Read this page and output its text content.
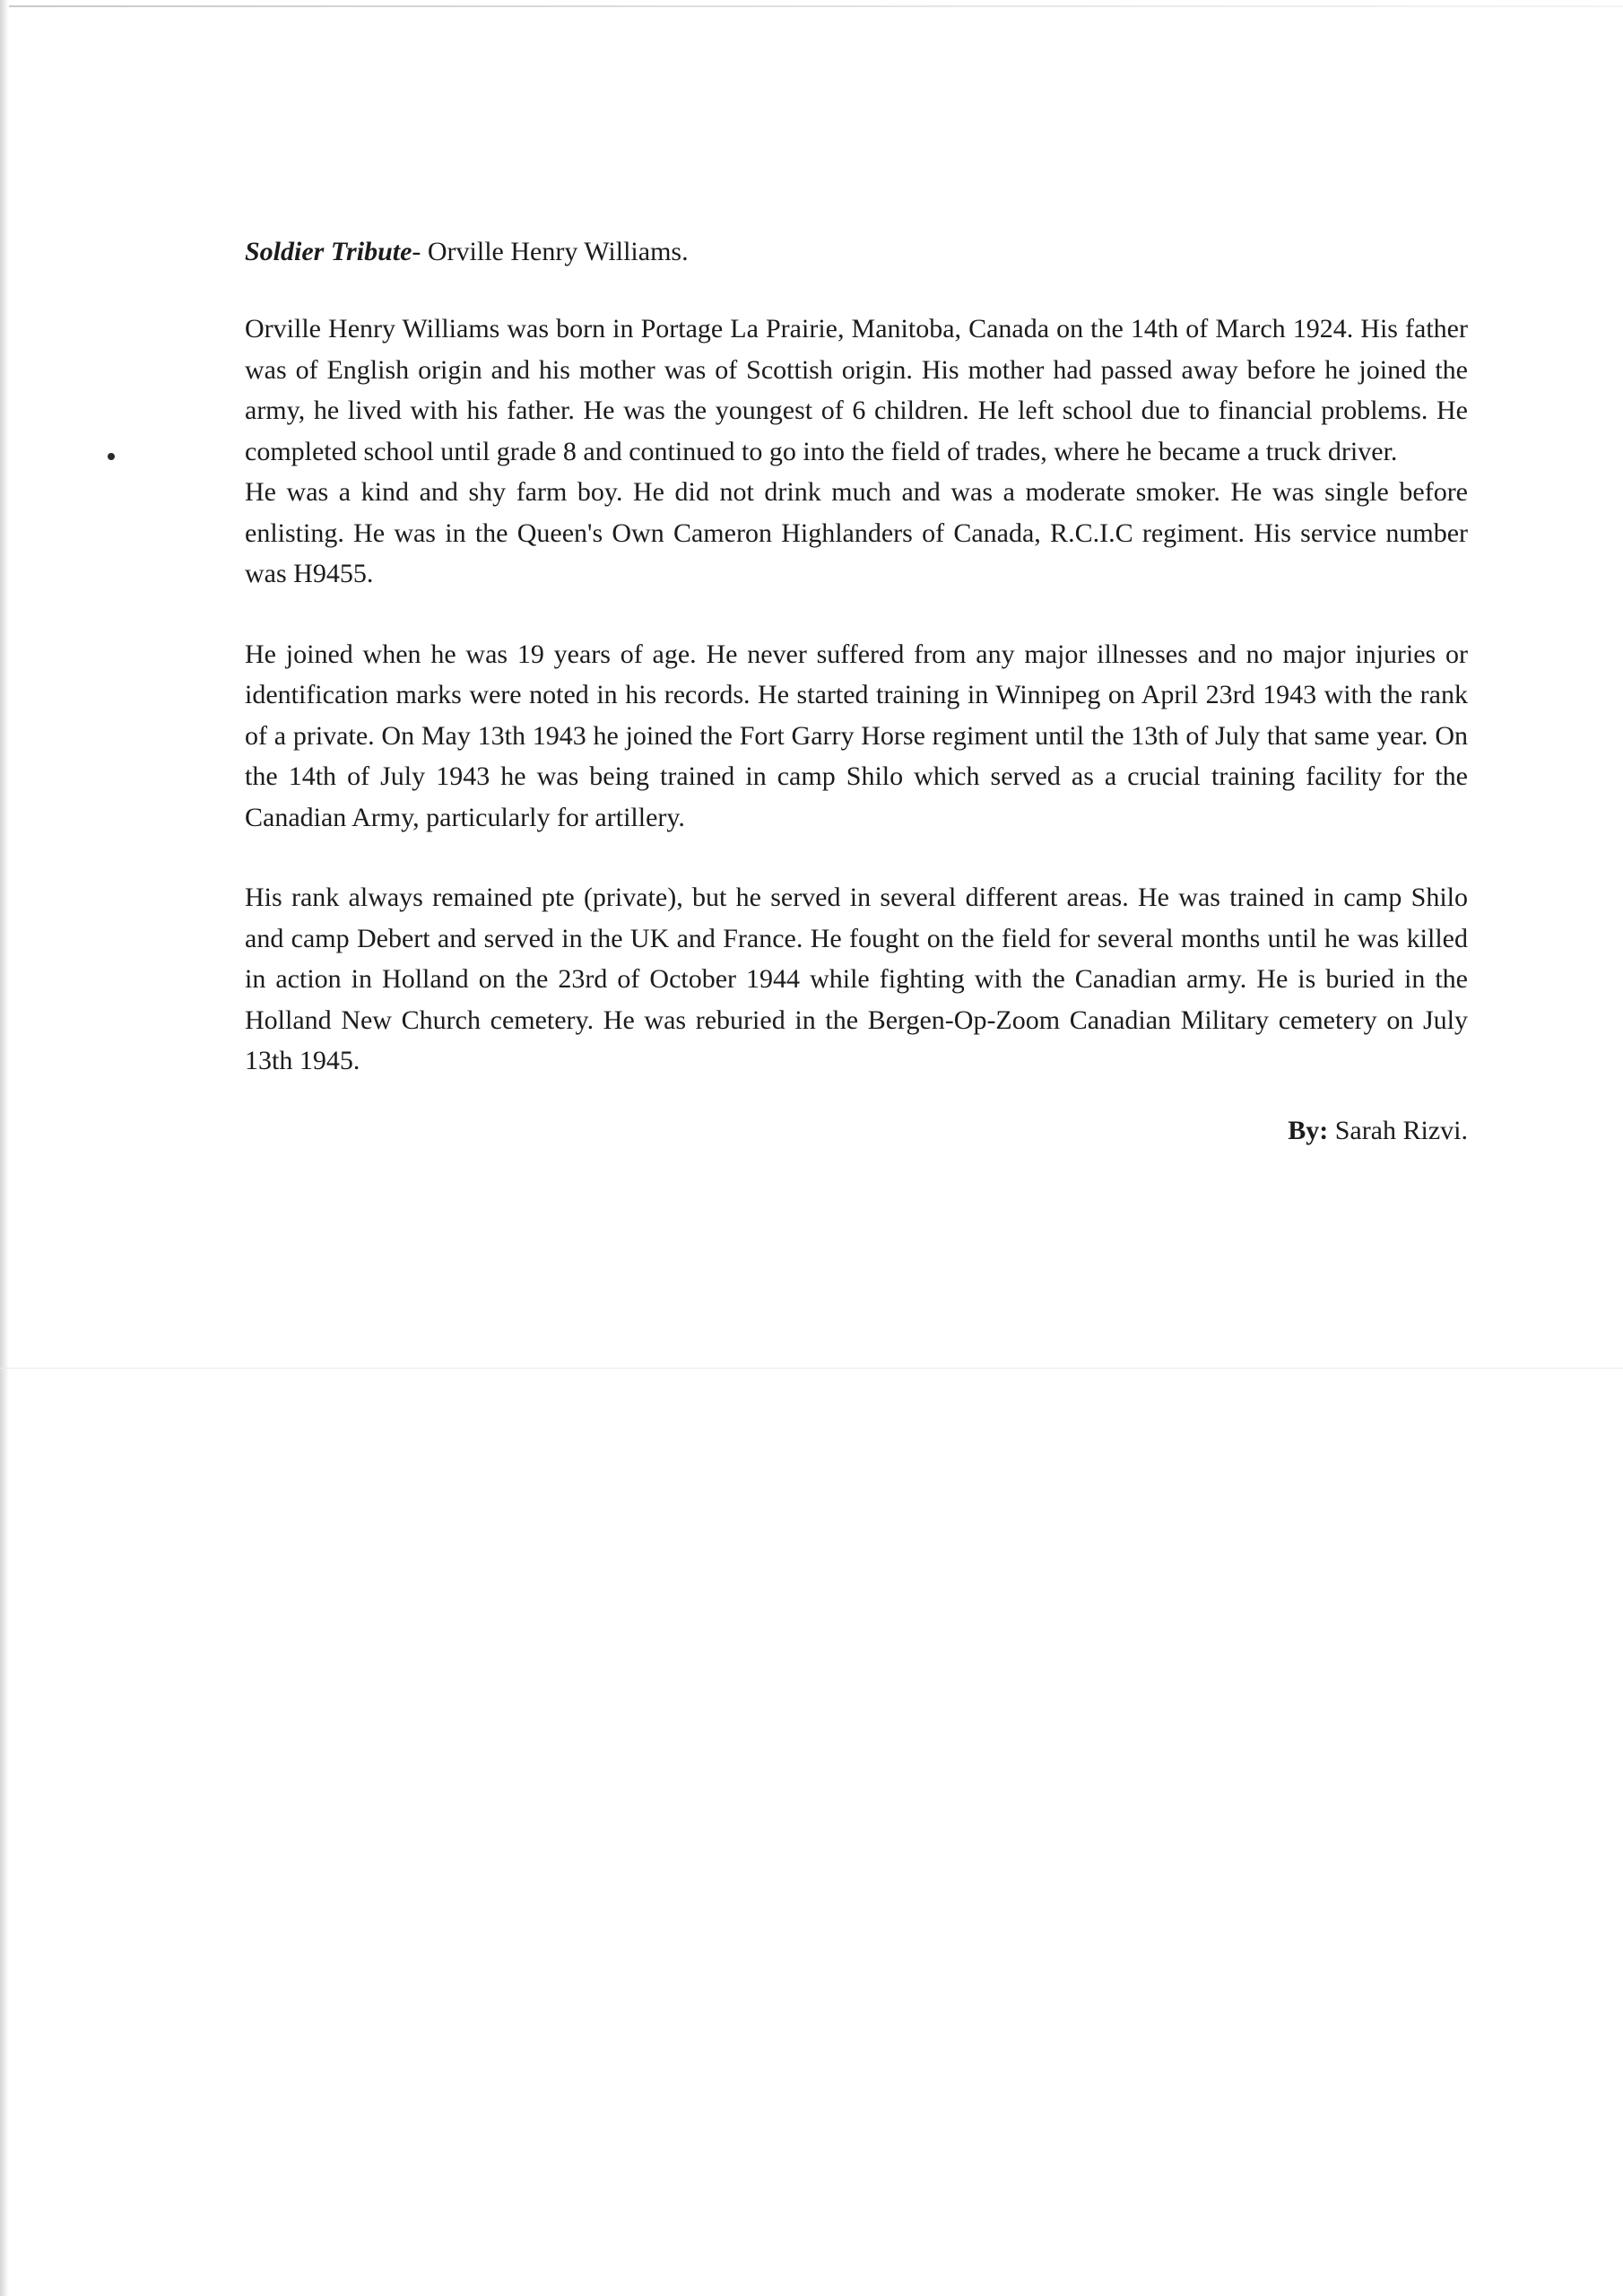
Soldier Tribute- Orville Henry Williams.

Orville Henry Williams was born in Portage La Prairie, Manitoba, Canada on the 14th of March 1924. His father was of English origin and his mother was of Scottish origin. His mother had passed away before he joined the army, he lived with his father. He was the youngest of 6 children. He left school due to financial problems. He completed school until grade 8 and continued to go into the field of trades, where he became a truck driver.

He was a kind and shy farm boy. He did not drink much and was a moderate smoker. He was single before enlisting. He was in the Queen's Own Cameron Highlanders of Canada, R.C.I.C regiment. His service number was H9455.

He joined when he was 19 years of age. He never suffered from any major illnesses and no major injuries or identification marks were noted in his records. He started training in Winnipeg on April 23rd 1943 with the rank of a private. On May 13th 1943 he joined the Fort Garry Horse regiment until the 13th of July that same year. On the 14th of July 1943 he was being trained in camp Shilo which served as a crucial training facility for the Canadian Army, particularly for artillery.

His rank always remained pte (private), but he served in several different areas. He was trained in camp Shilo and camp Debert and served in the UK and France. He fought on the field for several months until he was killed in action in Holland on the 23rd of October 1944 while fighting with the Canadian army. He is buried in the Holland New Church cemetery. He was reburied in the Bergen-Op-Zoom Canadian Military cemetery on July 13th 1945.

By: Sarah Rizvi.
